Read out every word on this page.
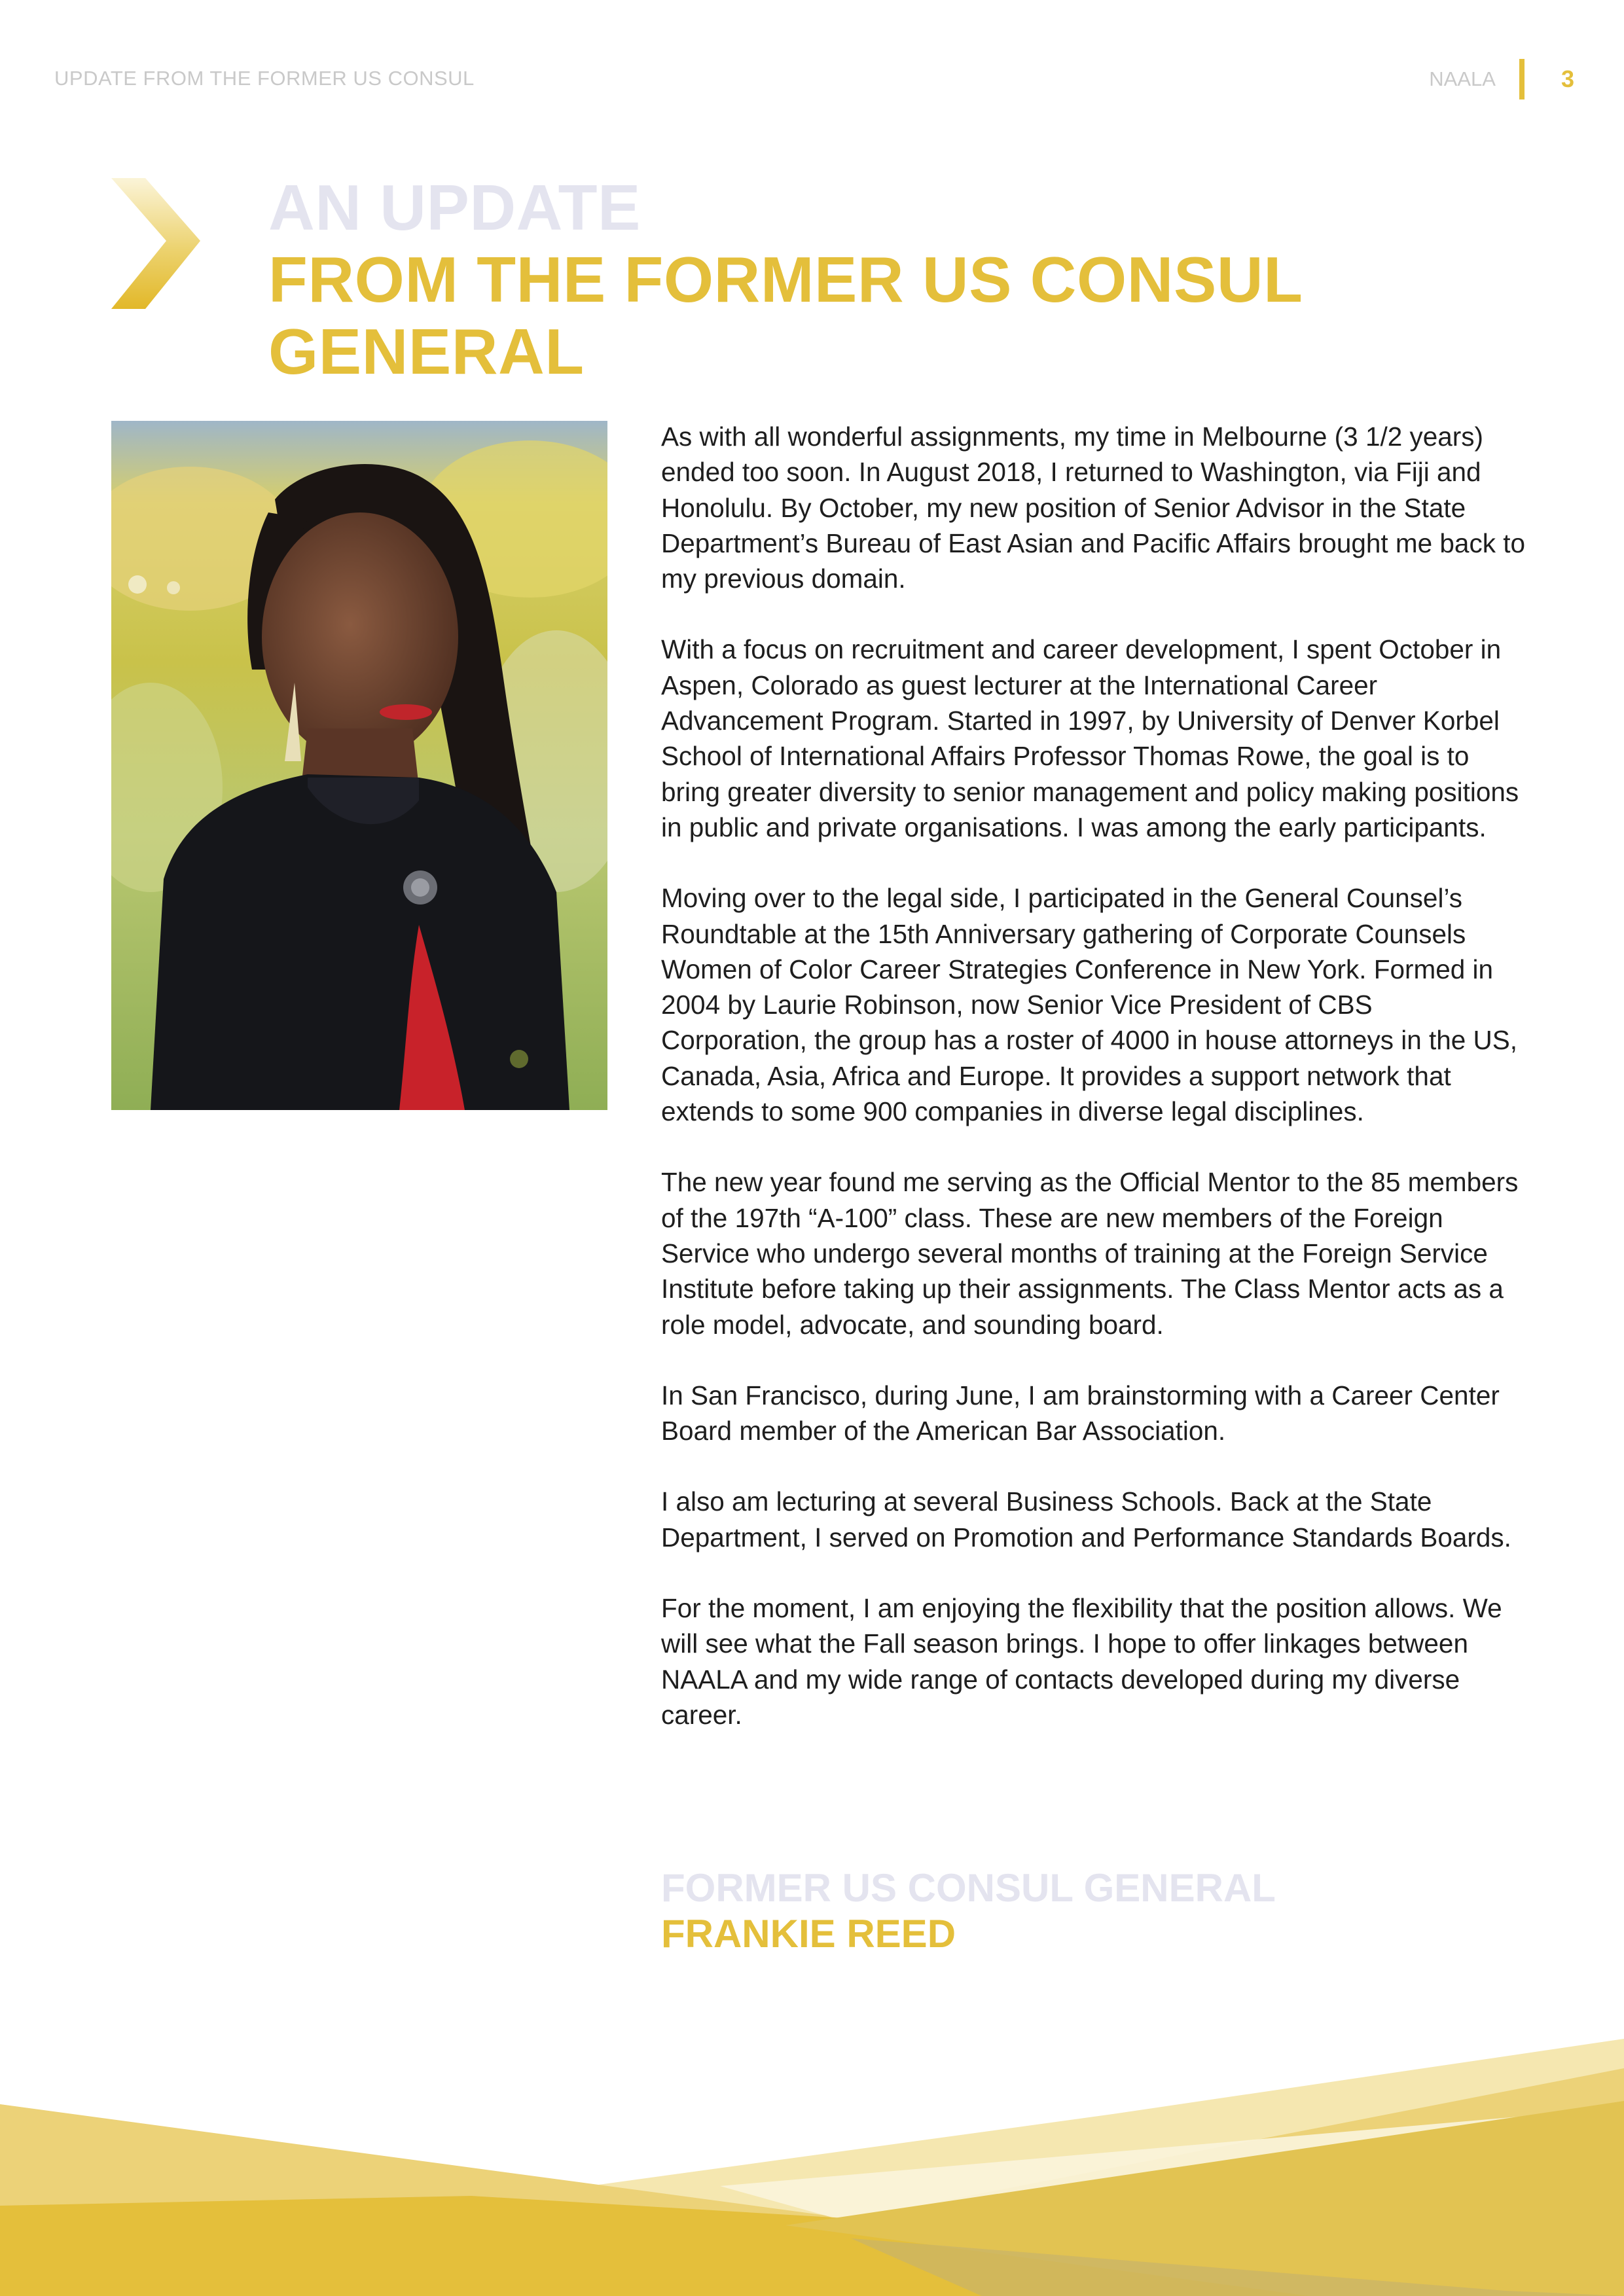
UPDATE FROM THE FORMER US CONSUL	NAALA	3
AN UPDATE
FROM THE FORMER US CONSUL GENERAL

As with all wonderful assignments, my time in Melbourne (3 1/2 years) ended too soon. In August 2018, I returned to Washington, via Fiji and Honolulu. By October, my new position of Senior Advisor in the State Department’s Bureau of East Asian and Pacific Affairs brought me back to my previous domain.

With a focus on recruitment and career development, I spent October in Aspen, Colorado as guest lecturer at the International Career Advancement Program. Started in 1997, by University of Denver Korbel School of International Affairs Professor Thomas Rowe, the goal is to bring greater diversity to senior management and policy making positions in public and private organisations. I was among the early participants.

Moving over to the legal side, I participated in the General Counsel’s Roundtable at the 15th Anniversary gathering of Corporate Counsels Women of Color Career Strategies Conference in New York. Formed in 2004 by Laurie Robinson, now Senior Vice President of CBS Corporation, the group has a roster of 4000 in house attorneys in the US, Canada, Asia, Africa and Europe. It provides a support network that extends to some 900 companies in diverse legal disciplines.

The new year found me serving as the Official Mentor to the 85 members of the 197th “A-100” class. These are new members of the Foreign Service who undergo several months of training at the Foreign Service Institute before taking up their assignments. The Class Mentor acts as a role model, advocate, and sounding board.

In San Francisco, during June, I am brainstorming with a Career Center Board member of the American Bar Association.

I also am lecturing at several Business Schools. Back at the State Department, I served on Promotion and Performance Standards Boards.

For the moment, I am enjoying the flexibility that the position allows. We will see what the Fall season brings. I hope to offer linkages between NAALA and my wide range of contacts developed during my diverse career.

FORMER US CONSUL GENERAL
FRANKIE REED
